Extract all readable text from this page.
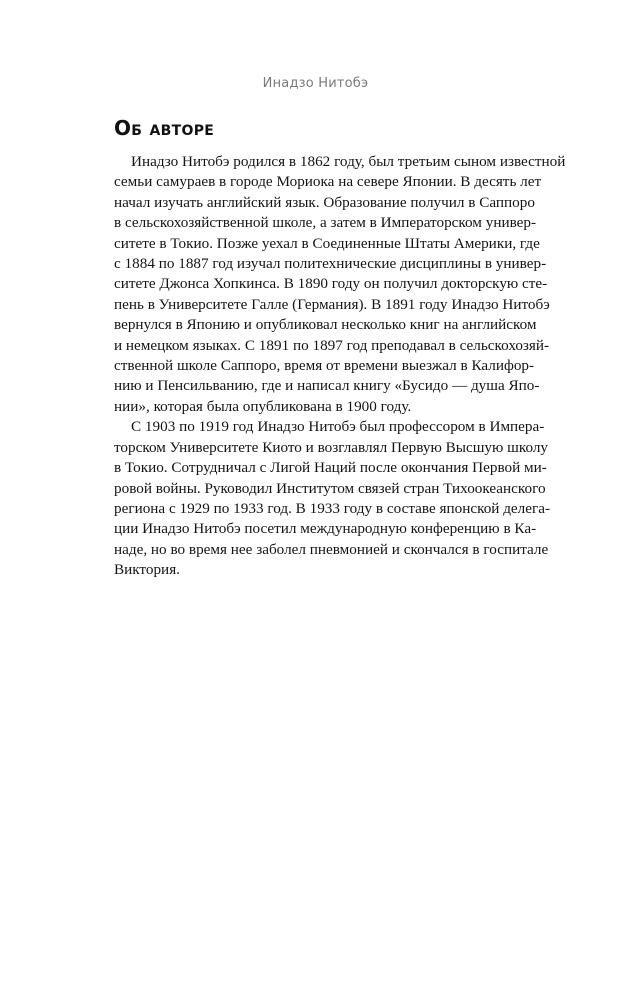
Инадзо Нитобэ
Об авторе
Инадзо Нитобэ родился в 1862 году, был третьим сыном известной
семьи самураев в городе Мориока на севере Японии. В десять лет
начал изучать английский язык. Образование получил в Саппоро
в сельскохозяйственной школе, а затем в Императорском универ-
ситете в Токио. Позже уехал в Соединенные Штаты Америки, где
с 1884 по 1887 год изучал политехнические дисциплины в универ-
ситете Джонса Хопкинса. В 1890 году он получил докторскую сте-
пень в Университете Галле (Германия). В 1891 году Инадзо Нитобэ
вернулся в Японию и опубликовал несколько книг на английском
и немецком языках. С 1891 по 1897 год преподавал в сельскохозяй-
ственной школе Саппоро, время от времени выезжал в Калифор-
нию и Пенсильванию, где и написал книгу «Бусидо — душа Япо-
нии», которая была опубликована в 1900 году.
С 1903 по 1919 год Инадзо Нитобэ был профессором в Импера-
торском Университете Киото и возглавлял Первую Высшую школу
в Токио. Сотрудничал с Лигой Наций после окончания Первой ми-
ровой войны. Руководил Институтом связей стран Тихоокеанского
региона с 1929 по 1933 год. В 1933 году в составе японской делега-
ции Инадзо Нитобэ посетил международную конференцию в Ка-
наде, но во время нее заболел пневмонией и скончался в госпитале
Виктория.
